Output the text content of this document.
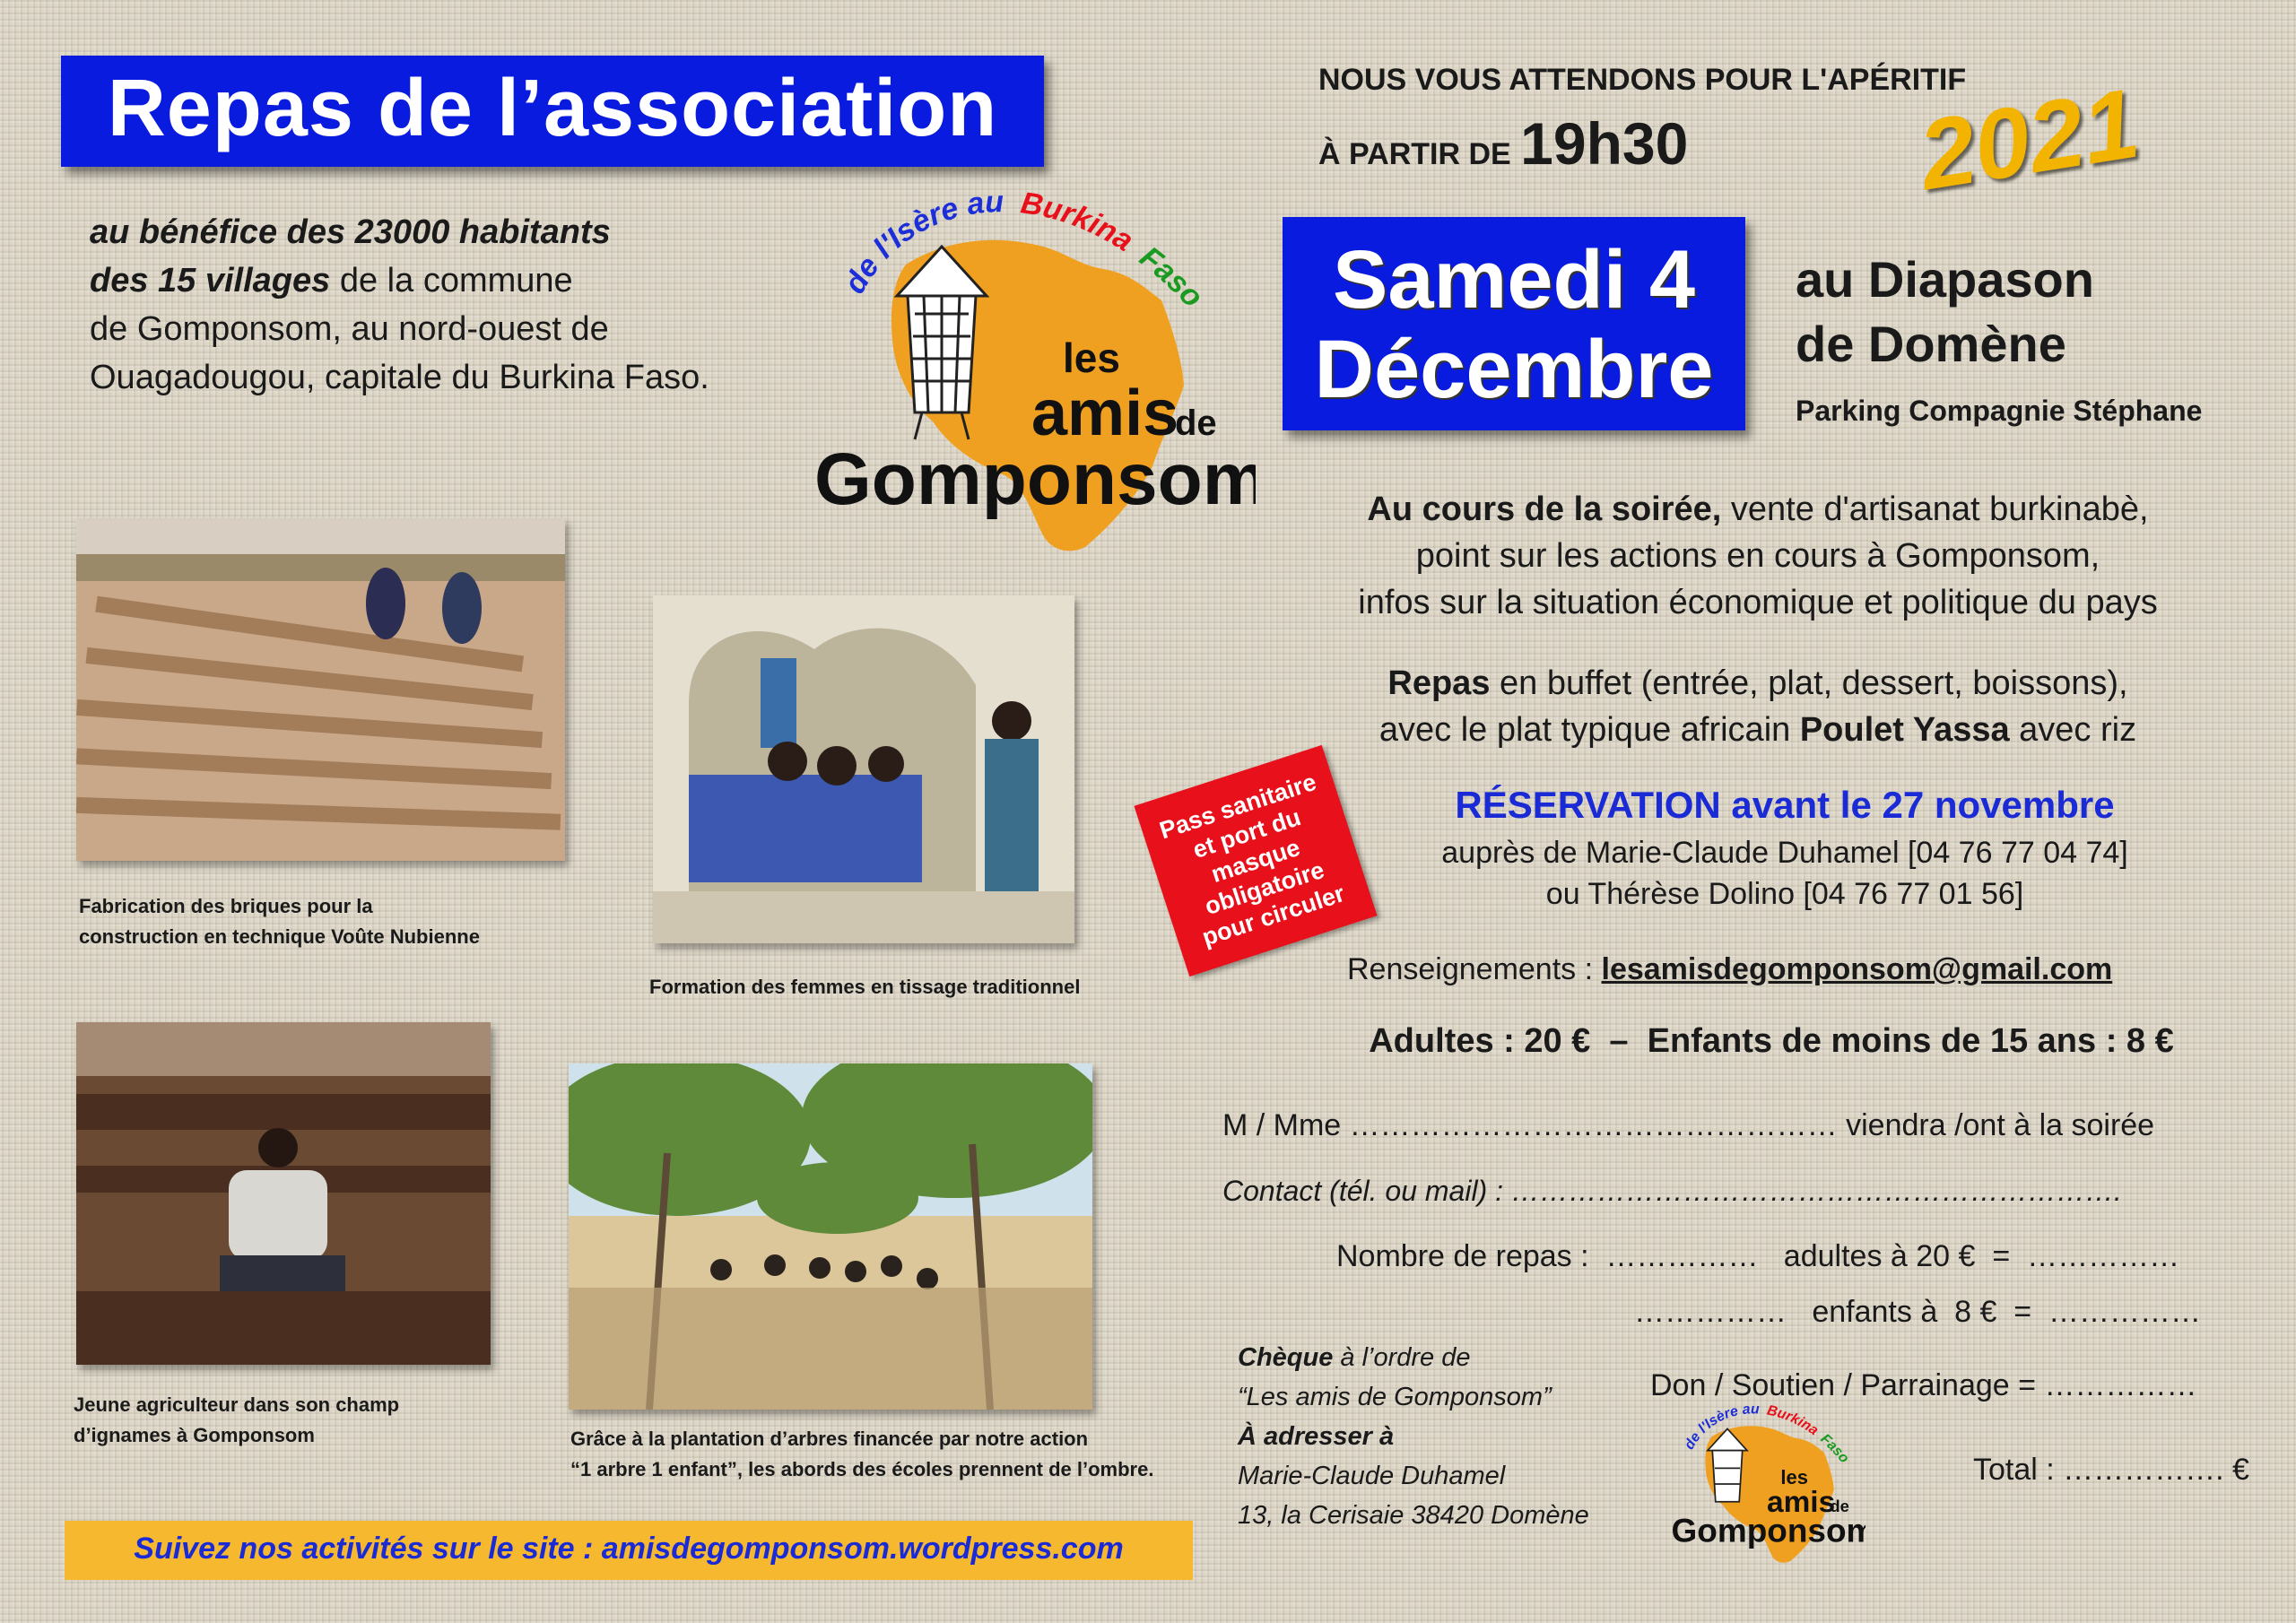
Repas de l’association	NOUS VOUS ATTENDONS POUR L'APÉRITIF
À PARTIR DE 19h30 2021
au bénéfice des 23000 habitants
des 15 villages de la commune
de Gomponsom, au nord-ouest de
Ouagadougou, capitale du Burkina Faso.
de l'Isère au Burkina Faso
les
amis
de
Gomponsom
Samedi 4
Décembre
au Diapason
de Domène
Parking Compagnie Stéphane
Au cours de la soirée, vente d'artisanat burkinabè,
point sur les actions en cours à Gomponsom,
infos sur la situation économique et politique du pays
Repas en buffet (entrée, plat, dessert, boissons),
avec le plat typique africain Poulet Yassa avec riz
Pass sanitaire et port du masque obligatoire pour circuler
RÉSERVATION avant le 27 novembre
auprès de Marie-Claude Duhamel [04 76 77 04 74]
ou Thérèse Dolino [04 76 77 01 56]
Renseignements : lesamisdegomponsom@gmail.com
Adultes : 20 €  –  Enfants de moins de 15 ans : 8 €
M / Mme ………………………………………… viendra /ont à la soirée
Contact (tél. ou mail) : ……………………………………………………….
Nombre de repas :  ……………   adultes à 20 €  =  ……………
……………   enfants à  8 €  =  ……………
Don / Soutien / Parrainage = ……………
Total : ……………. €
Chèque à l’ordre de
“Les amis de Gomponsom”
À adresser à
Marie-Claude Duhamel
13, la Cerisaie 38420 Domène
de l'Isère au Burkina Faso
les
amis
de
Gomponsom
Fabrication des briques pour la
construction en technique Voûte Nubienne
Formation des femmes en tissage traditionnel
Jeune agriculteur dans son champ
d’ignames à Gomponsom	Grâce à la plantation d’arbres financée par notre action
“1 arbre 1 enfant”, les abords des écoles prennent de l’ombre.
Suivez nos activités sur le site : amisdegomponsom.wordpress.com
